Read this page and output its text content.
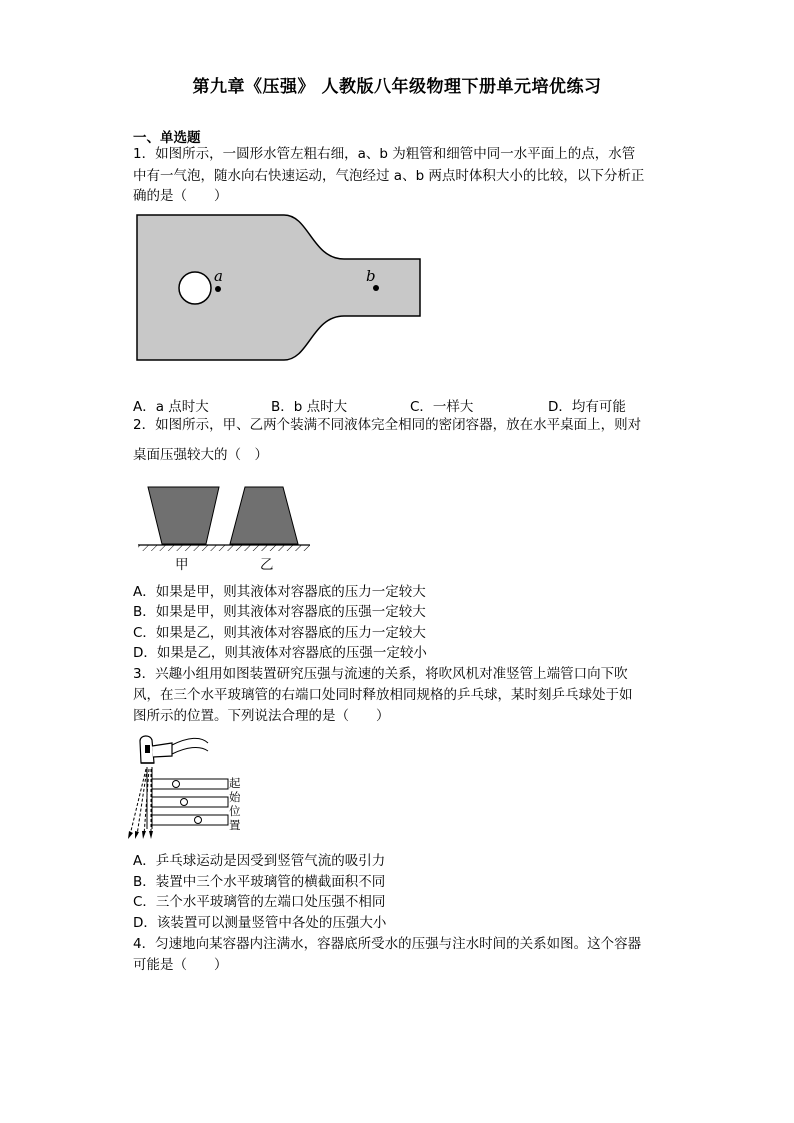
第九章《压强》 人教版八年级物理下册单元培优练习
一、单选题
1．如图所示，一圆形水管左粗右细，a、b 为粗管和细管中同一水平面上的点，水管
中有一气泡，随水向右快速运动，气泡经过 a、b 两点时体积大小的比较，以下分析正
确的是（　　）
a	b
A．a 点时大	B．b 点时大	C．一样大	D．均有可能
2．如图所示，甲、乙两个装满不同液体完全相同的密闭容器，放在水平桌面上，则对
桌面压强较大的（　）
甲	乙
A．如果是甲，则其液体对容器底的压力一定较大
B．如果是甲，则其液体对容器底的压强一定较大
C．如果是乙，则其液体对容器底的压力一定较大
D．如果是乙，则其液体对容器底的压强一定较小
3．兴趣小组用如图装置研究压强与流速的关系，将吹风机对准竖管上端管口向下吹
风，在三个水平玻璃管的右端口处同时释放相同规格的乒乓球，某时刻乒乓球处于如
图所示的位置。下列说法合理的是（　　）
起
始
位
置
A．乒乓球运动是因受到竖管气流的吸引力
B．装置中三个水平玻璃管的横截面积不同
C．三个水平玻璃管的左端口处压强不相同
D．该装置可以测量竖管中各处的压强大小
4．匀速地向某容器内注满水，容器底所受水的压强与注水时间的关系如图。这个容器
可能是（　　）
